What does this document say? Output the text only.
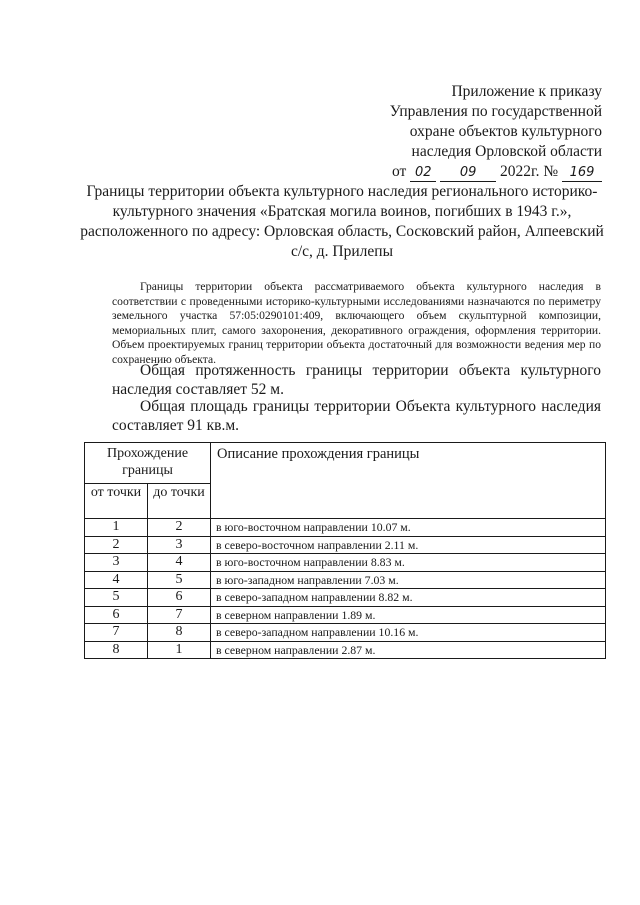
Приложение к приказу
Управления по государственной
охране объектов культурного
наследия Орловской области
от 02 09 2022г. № 169
Границы территории объекта культурного наследия регионального историко-
культурного значения «Братская могила воинов, погибших в 1943 г.»,
расположенного по адресу: Орловская область, Сосковский район, Алпеевский
с/с, д. Прилепы

Границы территории объекта рассматриваемого объекта культурного наследия в соответствии с проведенными историко-культурными исследованиями назначаются по периметру земельного участка 57:05:0290101:409, включающего объем скульптурной композиции, мемориальных плит, самого захоронения, декоративного ограждения, оформления территории. Объем проектируемых границ территории объекта достаточный для возможности ведения мер по сохранению объекта.

Общая протяженность границы территории объекта культурного наследия составляет 52 м.

Общая площадь границы территории Объекта культурного наследия составляет 91 кв.м.

Прохождение границы		Описание прохождения границы
от точки	до точки	
1	2	в юго-восточном направлении 10.07 м.
2	3	в северо-восточном направлении 2.11 м.
3	4	в юго-восточном направлении 8.83 м.
4	5	в юго-западном направлении 7.03 м.
5	6	в северо-западном направлении 8.82 м.
6	7	в северном направлении 1.89 м.
7	8	в северо-западном направлении 10.16 м.
8	1	в северном направлении 2.87 м.
